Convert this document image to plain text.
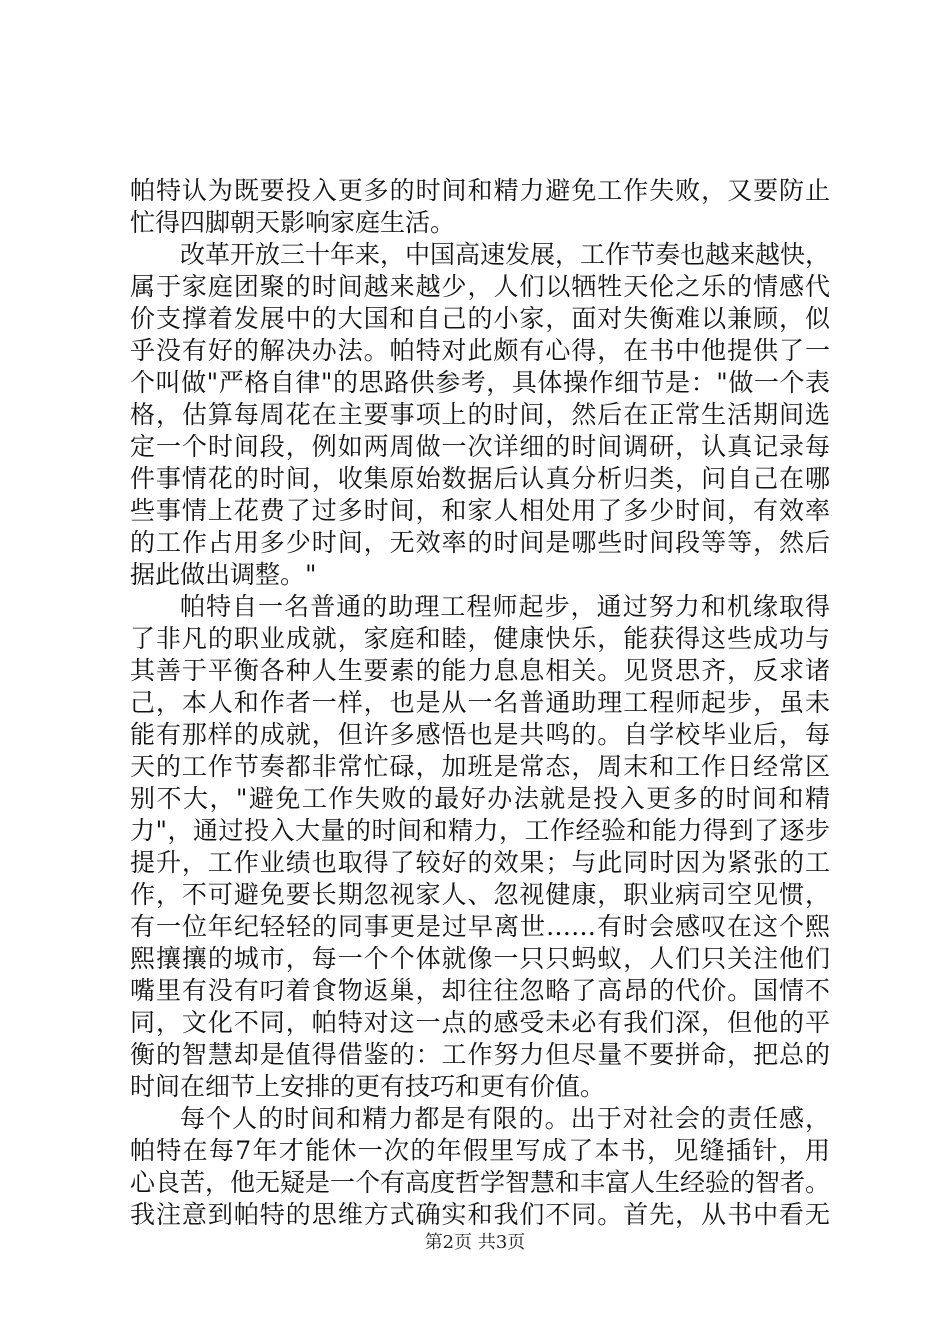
帕特认为既要投入更多的时间和精力避免工作失败，又要防止
忙得四脚朝天影响家庭生活。
改革开放三十年来，中国高速发展，工作节奏也越来越快，
属于家庭团聚的时间越来越少，人们以牺牲天伦之乐的情感代
价支撑着发展中的大国和自己的小家，面对失衡难以兼顾，似
乎没有好的解决办法。帕特对此颇有心得，在书中他提供了一
个叫做"严格自律"的思路供参考，具体操作细节是："做一个表
格，估算每周花在主要事项上的时间，然后在正常生活期间选
定一个时间段，例如两周做一次详细的时间调研，认真记录每
件事情花的时间，收集原始数据后认真分析归类，问自己在哪
些事情上花费了过多时间，和家人相处用了多少时间，有效率
的工作占用多少时间，无效率的时间是哪些时间段等等，然后
据此做出调整。"
帕特自一名普通的助理工程师起步，通过努力和机缘取得
了非凡的职业成就，家庭和睦，健康快乐，能获得这些成功与
其善于平衡各种人生要素的能力息息相关。见贤思齐，反求诸
己，本人和作者一样，也是从一名普通助理工程师起步，虽未
能有那样的成就，但许多感悟也是共鸣的。自学校毕业后，每
天的工作节奏都非常忙碌，加班是常态，周末和工作日经常区
别不大，"避免工作失败的最好办法就是投入更多的时间和精
力"，通过投入大量的时间和精力，工作经验和能力得到了逐步
提升，工作业绩也取得了较好的效果；与此同时因为紧张的工
作，不可避免要长期忽视家人、忽视健康，职业病司空见惯，
有一位年纪轻轻的同事更是过早离世……有时会感叹在这个熙
熙攘攘的城市，每一个个体就像一只只蚂蚁，人们只关注他们
嘴里有没有叼着食物返巢，却往往忽略了高昂的代价。国情不
同，文化不同，帕特对这一点的感受未必有我们深，但他的平
衡的智慧却是值得借鉴的：工作努力但尽量不要拼命，把总的
时间在细节上安排的更有技巧和更有价值。
每个人的时间和精力都是有限的。出于对社会的责任感，
帕特在每7年才能休一次的年假里写成了本书，见缝插针，用
心良苦，他无疑是一个有高度哲学智慧和丰富人生经验的智者。
我注意到帕特的思维方式确实和我们不同。首先，从书中看无
第2页 共3页
